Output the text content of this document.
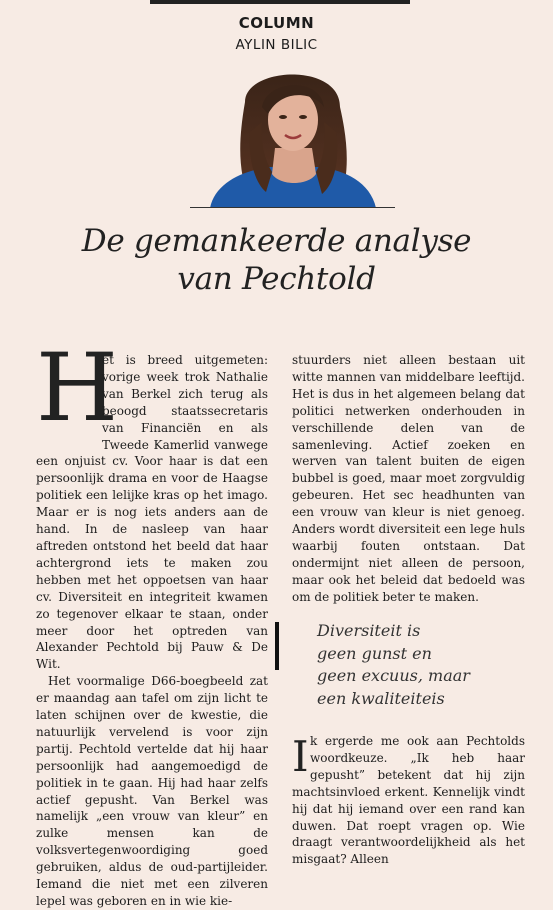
COLUMN
AYLIN BILIC
De gemankeerde analyse
van Pechtold

H
et is breed uitgemeten: vorige week trok Nathalie van Berkel zich terug als beoogd staatssecretaris van Financiën en als Tweede Kamerlid vanwege een onjuist cv. Voor haar is dat een persoonlijk drama en voor de Haagse politiek een lelijke kras op het imago. Maar er is nog iets anders aan de hand. In de nasleep van haar aftreden ontstond het beeld dat haar achtergrond iets te maken zou hebben met het oppoetsen van haar cv. Diversiteit en integriteit kwamen zo tegenover elkaar te staan, onder meer door het optreden van Alexander Pechtold bij Pauw & De Wit.

Het voormalige D66-boegbeeld zat er maandag aan tafel om zijn licht te laten schijnen over de kwestie, die natuurlijk vervelend is voor zijn partij. Pechtold vertelde dat hij haar persoonlijk had aangemoedigd de politiek in te gaan. Hij had haar zelfs actief gepusht. Van Berkel was namelijk „een vrouw van kleur” en zulke mensen kan de volksvertegenwoordiging goed gebruiken, aldus de oud-partijleider. Iemand die niet met een zilveren lepel was geboren en in wie kie-

stuurders niet alleen bestaan uit witte mannen van middelbare leeftijd. Het is dus in het algemeen belang dat politici netwerken onderhouden in verschillende delen van de samenleving. Actief zoeken en werven van talent buiten de eigen bubbel is goed, maar moet zorgvuldig gebeuren. Het sec headhunten van een vrouw van kleur is niet genoeg. Anders wordt diversiteit een lege huls waarbij fouten ontstaan. Dat ondermijnt niet alleen de persoon, maar ook het beleid dat bedoeld was om de politiek beter te maken.

Diversiteit is

geen gunst en

geen excuus, maar

een kwaliteiteis

Ik ergerde me ook aan Pechtolds woordkeuze. „Ik heb haar gepusht” betekent dat hij zijn machtsinvloed erkent. Kennelijk vindt hij dat hij iemand over een rand kan duwen. Dat roept vragen op. Wie draagt verantwoordelijkheid als het misgaat? Alleen
